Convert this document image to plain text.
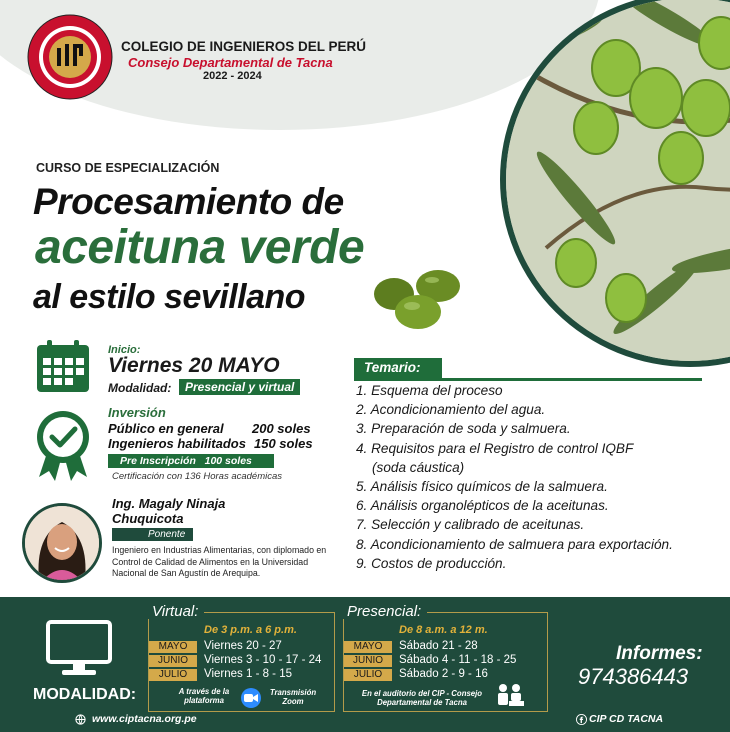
COLEGIO DE INGENIEROS DEL PERÚ
Consejo Departamental de Tacna
2022 - 2024
CURSO DE ESPECIALIZACIÓN
Procesamiento de
aceituna verde
al estilo sevillano
Inicio:
Viernes 20 MAYO
Modalidad:	Presencial y virtual
Inversión
Público en general 200 soles
Ingenieros habilitados 150 soles
Pre Inscripción   100 soles
Certificación con 136 Horas académicas
Ing. Magaly Ninaja Chuquicota
Ponente
Ingeniero en Industrias Alimentarias, con diplomado en Control de Calidad de Alimentos en la Universidad Nacional de San Agustín de Arequipa.
Temario:
1. Esquema del proceso
2. Acondicionamiento del agua.
3. Preparación de soda y salmuera.
4. Requisitos para el Registro de control IQBF
(soda cáustica)
5. Análisis físico químicos de la salmuera.
6. Análisis organolépticos de la aceitunas.
7. Selección y calibrado de aceitunas.
8. Acondicionamiento de salmuera para exportación.
9. Costos de producción.
MODALIDAD:
www.ciptacna.org.pe
Virtual:
De 3 p.m. a 6 p.m.
MAYO Viernes 20 - 27
JUNIO Viernes 3 - 10 - 17 - 24
JULIO Viernes 1 - 8 - 15
A través de la plataforma
Transmisión Zoom
Presencial:
De 8 a.m. a 12 m.
MAYO Sábado 21 - 28
JUNIO Sábado 4 - 11 - 18 - 25
JULIO Sábado 2 - 9 - 16
En el auditorio del CIP - Consejo Departamental de Tacna
Informes:
974386443
CIP CD TACNA
